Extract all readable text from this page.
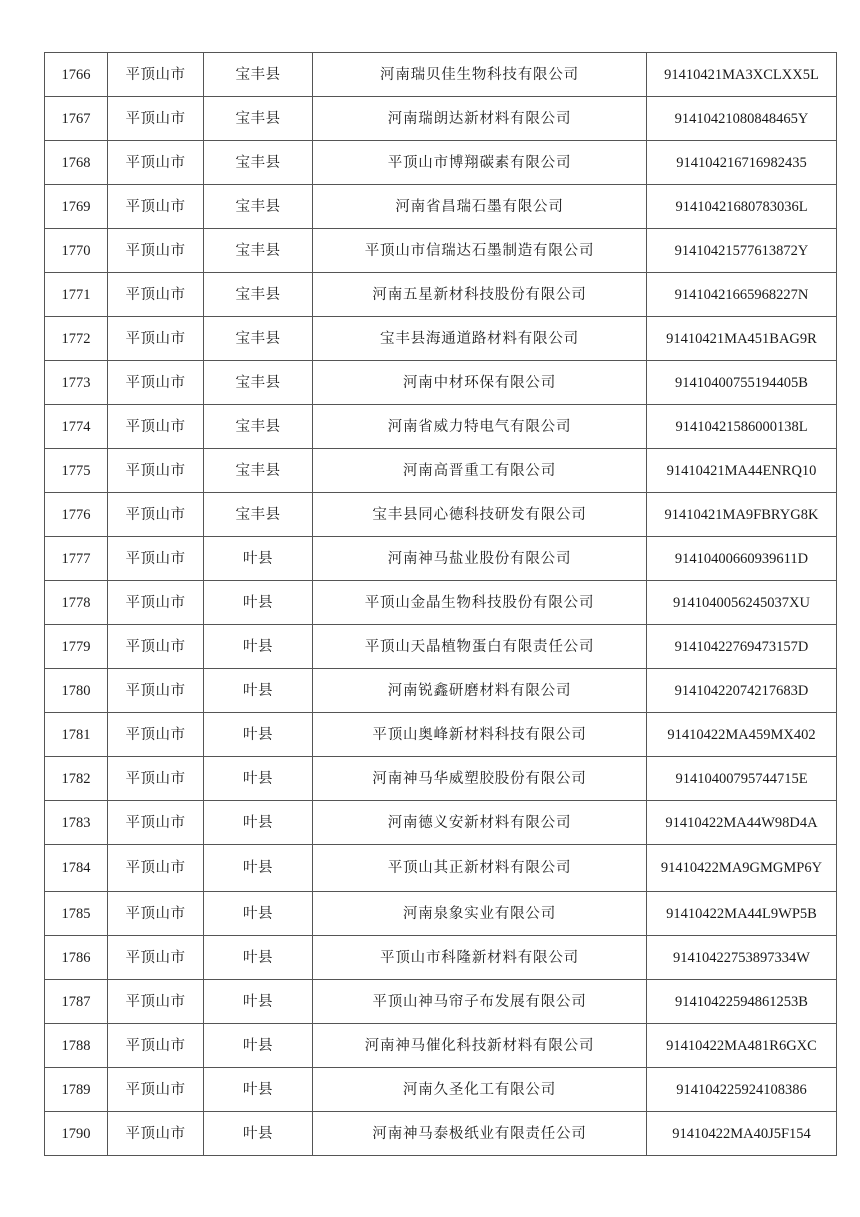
1766	平顶山市	宝丰县	河南瑞贝佳生物科技有限公司	91410421MA3XCLXX5L
1767	平顶山市	宝丰县	河南瑞朗达新材料有限公司	91410421080848465Y
1768	平顶山市	宝丰县	平顶山市博翔碳素有限公司	914104216716982435
1769	平顶山市	宝丰县	河南省昌瑞石墨有限公司	91410421680783036L
1770	平顶山市	宝丰县	平顶山市信瑞达石墨制造有限公司	91410421577613872Y
1771	平顶山市	宝丰县	河南五星新材科技股份有限公司	91410421665968227N
1772	平顶山市	宝丰县	宝丰县海通道路材料有限公司	91410421MA451BAG9R
1773	平顶山市	宝丰县	河南中材环保有限公司	91410400755194405B
1774	平顶山市	宝丰县	河南省威力特电气有限公司	91410421586000138L
1775	平顶山市	宝丰县	河南高晋重工有限公司	91410421MA44ENRQ10
1776	平顶山市	宝丰县	宝丰县同心德科技研发有限公司	91410421MA9FBRYG8K
1777	平顶山市	叶县	河南神马盐业股份有限公司	91410400660939611D
1778	平顶山市	叶县	平顶山金晶生物科技股份有限公司	9141040056245037XU
1779	平顶山市	叶县	平顶山天晶植物蛋白有限责任公司	91410422769473157D
1780	平顶山市	叶县	河南锐鑫研磨材料有限公司	91410422074217683D
1781	平顶山市	叶县	平顶山奥峰新材料科技有限公司	91410422MA459MX402
1782	平顶山市	叶县	河南神马华威塑胶股份有限公司	91410400795744715E
1783	平顶山市	叶县	河南德义安新材料有限公司	91410422MA44W98D4A
1784	平顶山市	叶县	平顶山其正新材料有限公司	91410422MA9GMGMP6Y
1785	平顶山市	叶县	河南泉象实业有限公司	91410422MA44L9WP5B
1786	平顶山市	叶县	平顶山市科隆新材料有限公司	91410422753897334W
1787	平顶山市	叶县	平顶山神马帘子布发展有限公司	91410422594861253B
1788	平顶山市	叶县	河南神马催化科技新材料有限公司	91410422MA481R6GXC
1789	平顶山市	叶县	河南久圣化工有限公司	914104225924108386
1790	平顶山市	叶县	河南神马泰极纸业有限责任公司	91410422MA40J5F154
